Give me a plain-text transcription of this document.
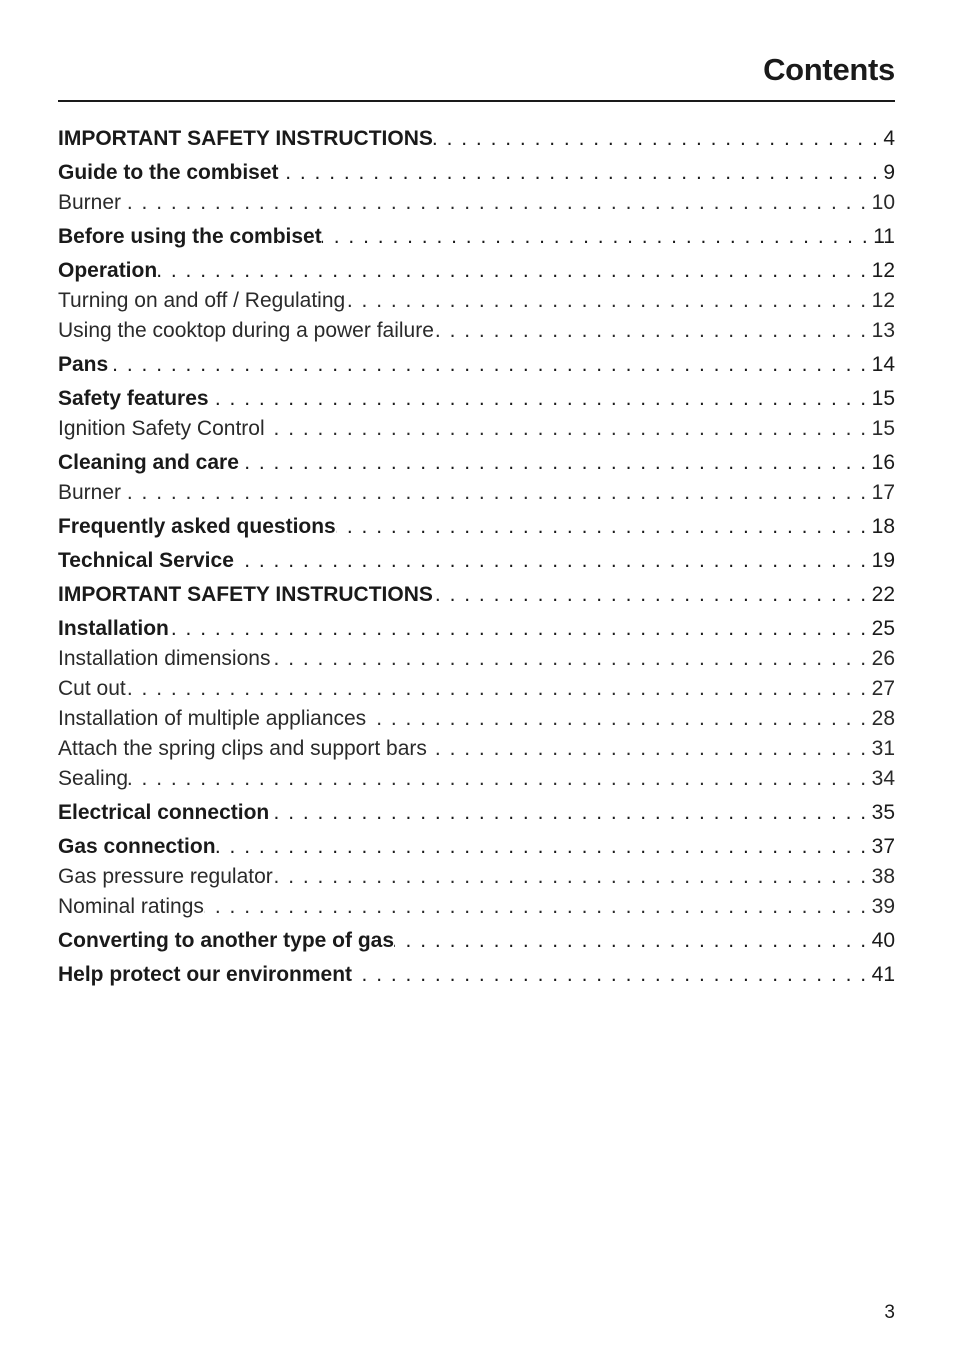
Contents
IMPORTANT SAFETY INSTRUCTIONS . . .	4
Guide to the combiset . . .	9
Burner . . .	10
Before using the combiset . . .	11
Operation . . .	12
Turning on and off / Regulating . . .	12
Using the cooktop during a power failure . . .	13
Pans . . .	14
Safety features . . .	15
Ignition Safety Control . . .	15
Cleaning and care . . .	16
Burner . . .	17
Frequently asked questions . . .	18
Technical Service . . .	19
IMPORTANT SAFETY INSTRUCTIONS . . .	22
Installation . . .	25
Installation dimensions . . .	26
Cut out . . .	27
Installation of multiple appliances . . .	28
Attach the spring clips and support bars . . .	31
Sealing . . .	34
Electrical connection . . .	35
Gas connection . . .	37
Gas pressure regulator . . .	38
Nominal ratings . . .	39
Converting to another type of gas . . .	40
Help protect our environment . . .	41
3
